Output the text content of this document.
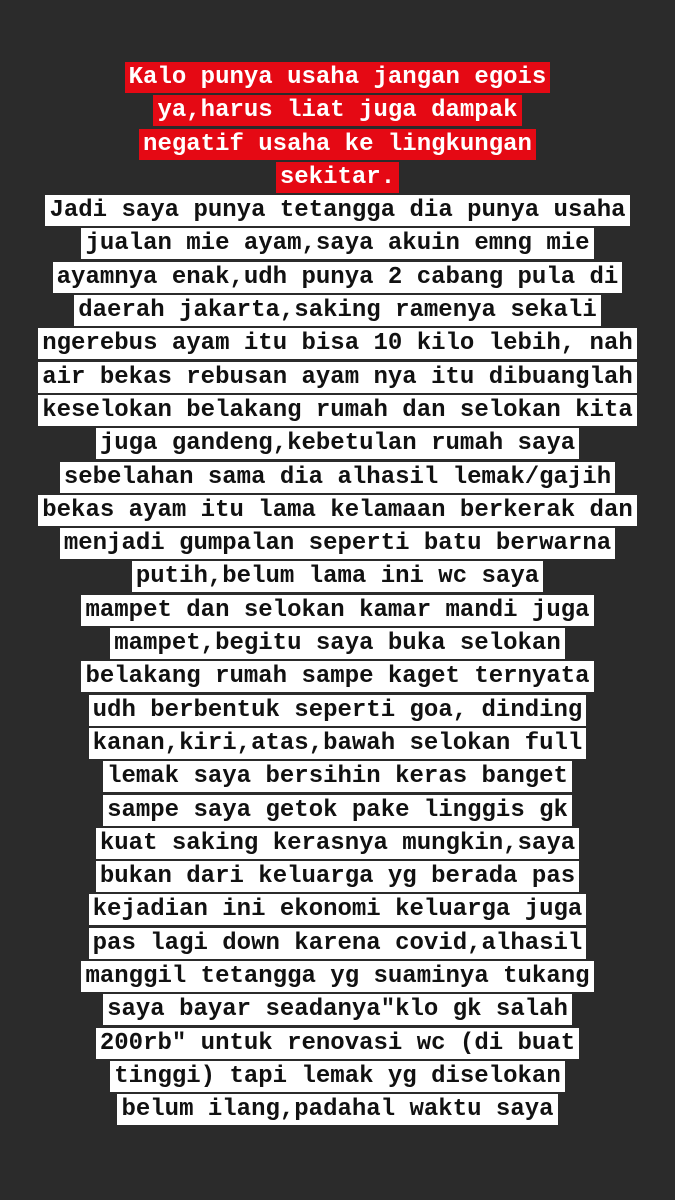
Kalo punya usaha jangan egois
ya,harus liat juga dampak
negatif usaha ke lingkungan
sekitar.
Jadi saya punya tetangga dia punya usaha
jualan mie ayam,saya akuin emng mie
ayamnya enak,udh punya 2 cabang pula di
daerah jakarta,saking ramenya sekali
ngerebus ayam itu bisa 10 kilo lebih, nah
air bekas rebusan ayam nya itu dibuanglah
keselokan belakang rumah dan selokan kita
juga gandeng,kebetulan rumah saya
sebelahan sama dia alhasil lemak/gajih
bekas ayam itu lama kelamaan berkerak dan
menjadi gumpalan seperti batu berwarna
putih,belum lama ini wc saya
mampet dan selokan kamar mandi juga
mampet,begitu saya buka selokan
belakang rumah sampe kaget ternyata
udh berbentuk seperti goa, dinding
kanan,kiri,atas,bawah selokan full
lemak saya bersihin keras banget
sampe saya getok pake linggis gk
kuat saking kerasnya mungkin,saya
bukan dari keluarga yg berada pas
kejadian ini ekonomi keluarga juga
pas lagi down karena covid,alhasil
manggil tetangga yg suaminya tukang
saya bayar seadanya"klo gk salah
200rb" untuk renovasi wc (di buat
tinggi) tapi lemak yg diselokan
belum ilang,padahal waktu saya
